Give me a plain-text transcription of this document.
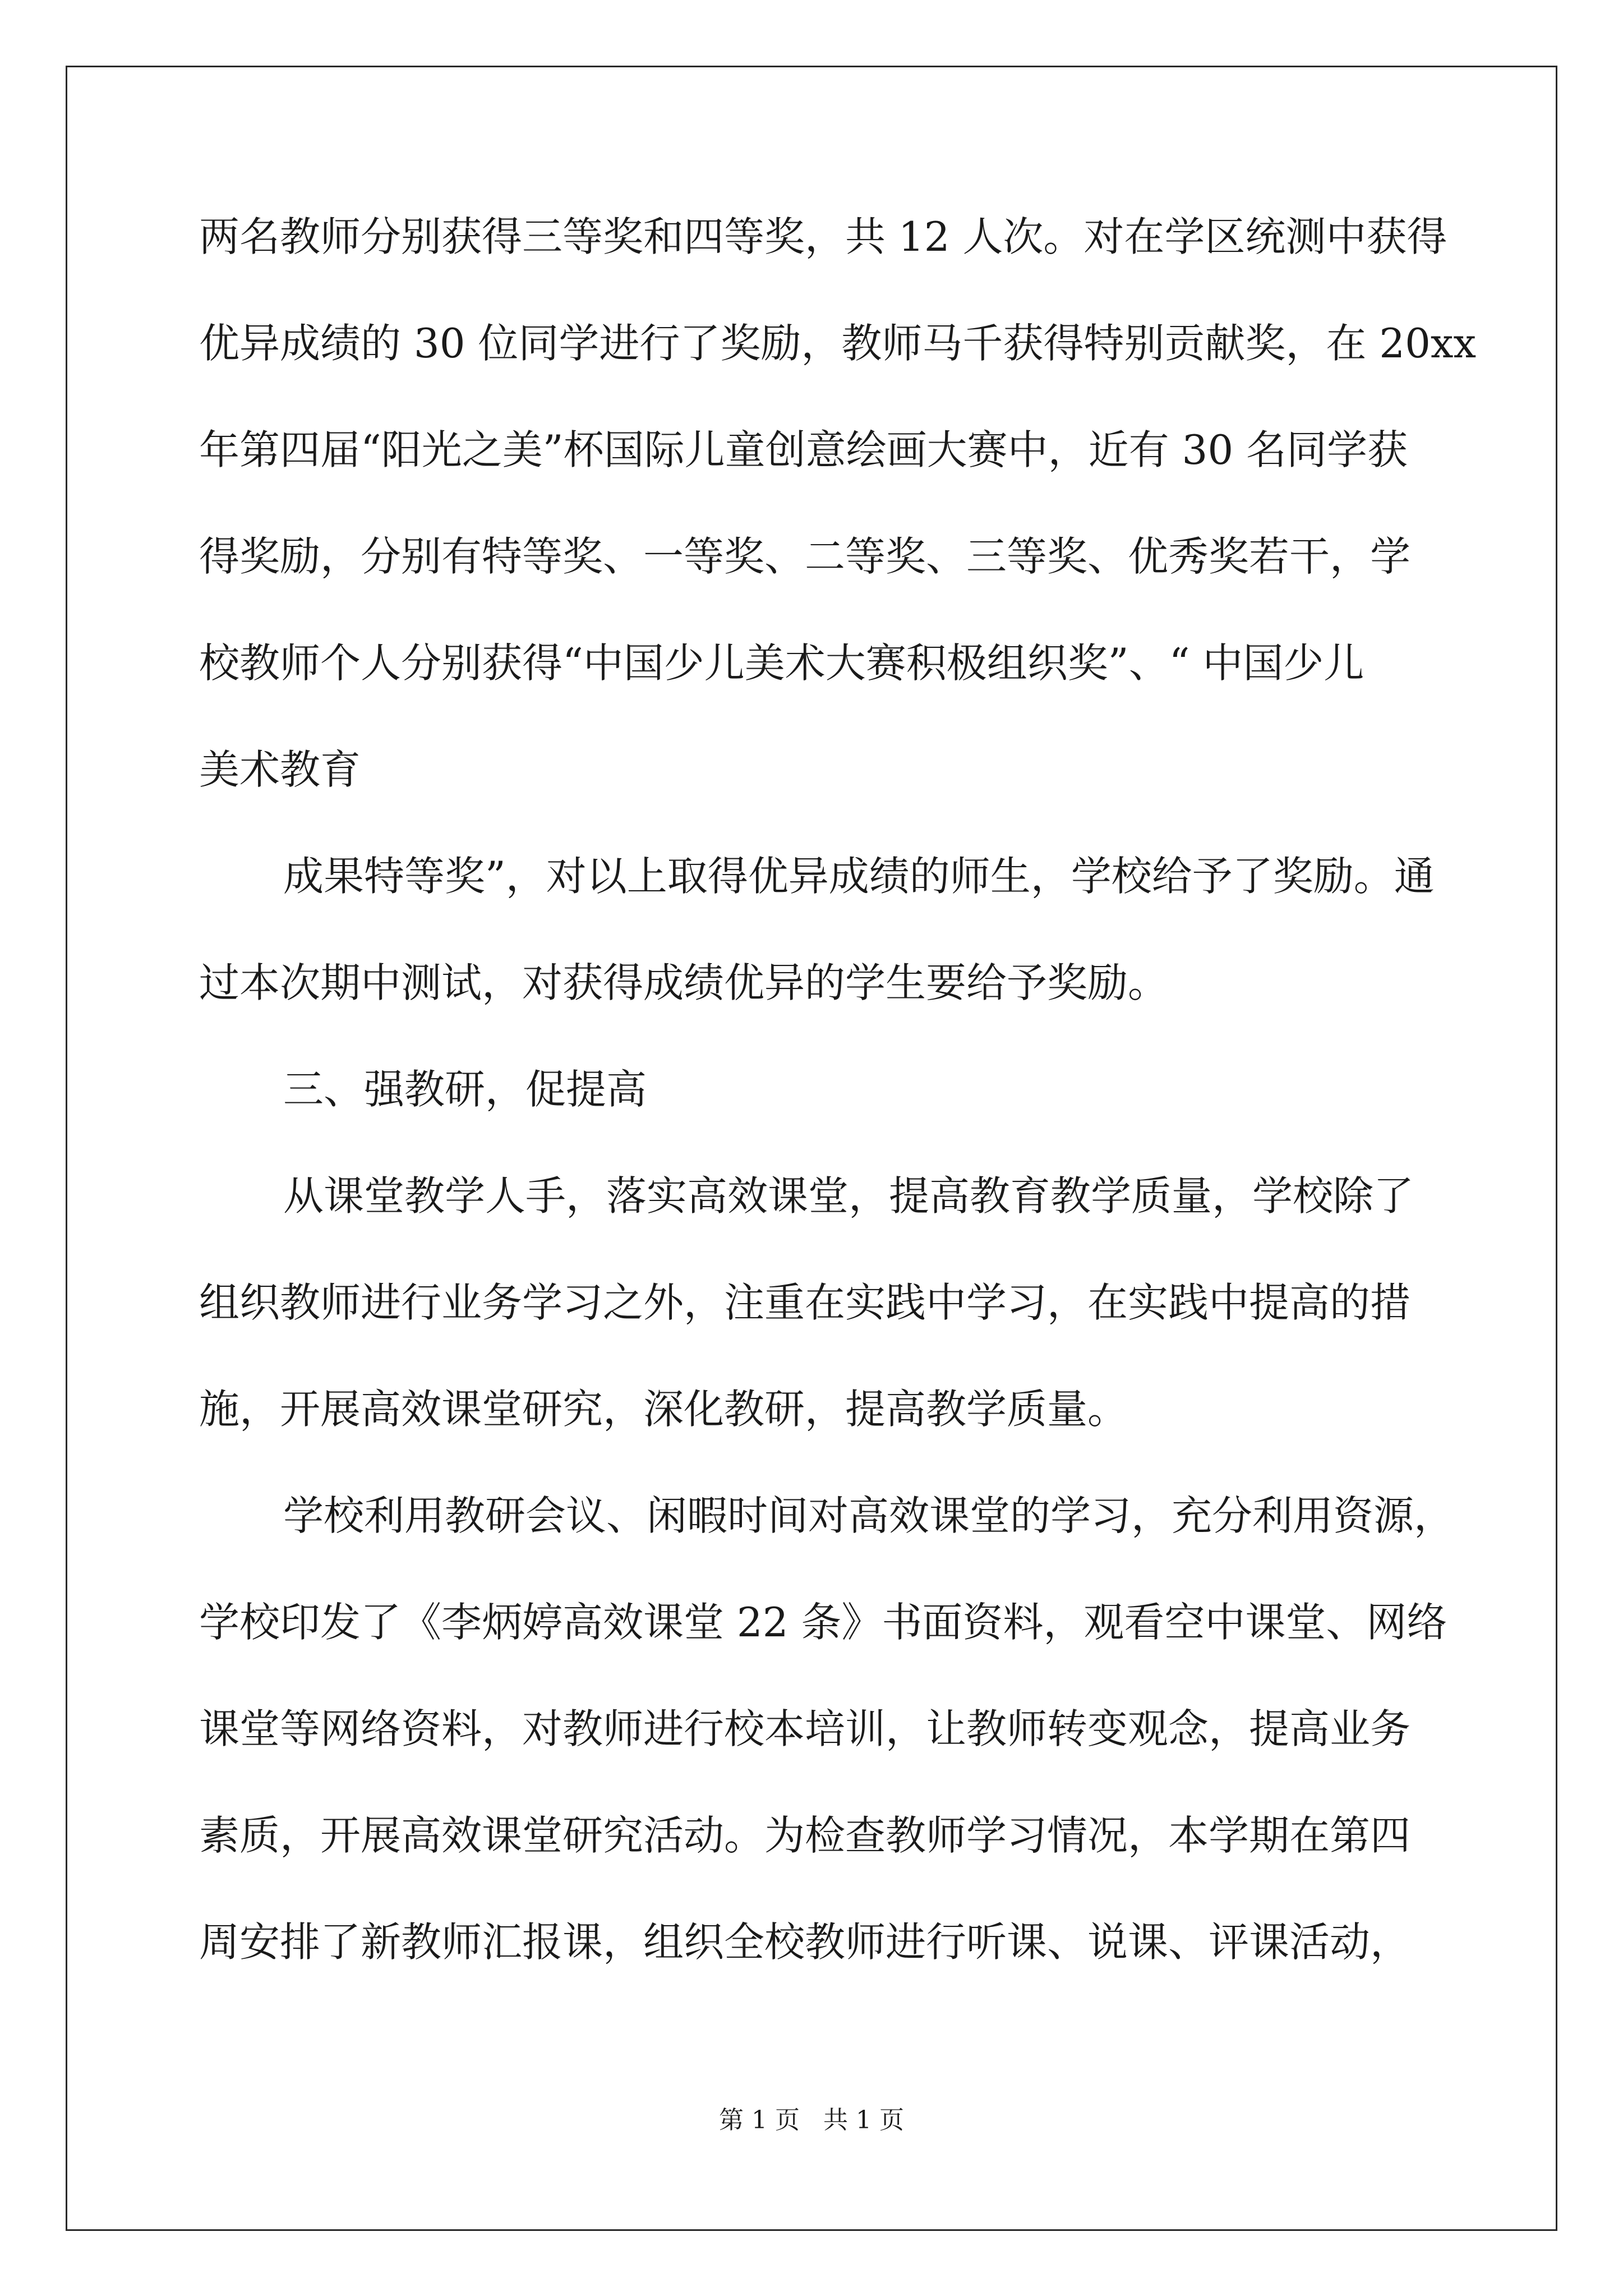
两名教师分别获得三等奖和四等奖，共 12 人次。对在学区统测中获得
优异成绩的 30 位同学进行了奖励，教师马千获得特别贡献奖，在 20xx
年第四届“阳光之美”杯国际儿童创意绘画大赛中，近有 30 名同学获
得奖励，分别有特等奖、一等奖、二等奖、三等奖、优秀奖若干，学
校教师个人分别获得“中国少儿美术大赛积极组织奖”、“ 中国少儿
美术教育
成果特等奖”，对以上取得优异成绩的师生，学校给予了奖励。通
过本次期中测试，对获得成绩优异的学生要给予奖励。
三、强教研，促提高
从课堂教学人手，落实高效课堂，提高教育教学质量，学校除了
组织教师进行业务学习之外，注重在实践中学习，在实践中提高的措
施，开展高效课堂研究，深化教研，提高教学质量。
学校利用教研会议、闲暇时间对高效课堂的学习，充分利用资源，
学校印发了《李炳婷高效课堂 22 条》书面资料，观看空中课堂、网络
课堂等网络资料，对教师进行校本培训，让教师转变观念，提高业务
素质，开展高效课堂研究活动。为检查教师学习情况，本学期在第四
周安排了新教师汇报课，组织全校教师进行听课、说课、评课活动，
第 1 页   共 1 页
